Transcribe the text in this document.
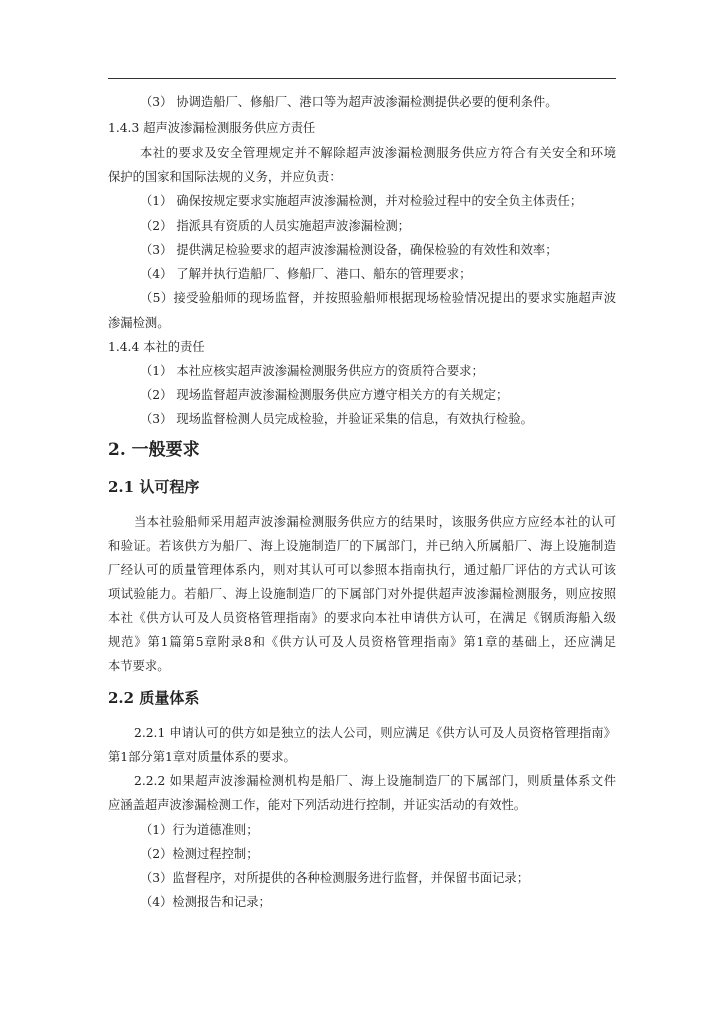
（3） 协调造船厂、修船厂、港口等为超声波渗漏检测提供必要的便利条件。
1.4.3 超声波渗漏检测服务供应方责任
本社的要求及安全管理规定并不解除超声波渗漏检测服务供应方符合有关安全和环境
保护的国家和国际法规的义务，并应负责：
（1） 确保按规定要求实施超声波渗漏检测，并对检验过程中的安全负主体责任；
（2） 指派具有资质的人员实施超声波渗漏检测；
（3） 提供满足检验要求的超声波渗漏检测设备，确保检验的有效性和效率；
（4） 了解并执行造船厂、修船厂、港口、船东的管理要求；
（5）接受验船师的现场监督，并按照验船师根据现场检验情况提出的要求实施超声波
渗漏检测。
1.4.4 本社的责任
（1） 本社应核实超声波渗漏检测服务供应方的资质符合要求；
（2） 现场监督超声波渗漏检测服务供应方遵守相关方的有关规定；
（3） 现场监督检测人员完成检验，并验证采集的信息，有效执行检验。
2. 一般要求
2.1 认可程序
当本社验船师采用超声波渗漏检测服务供应方的结果时，该服务供应方应经本社的认可
和验证。若该供方为船厂、海上设施制造厂的下属部门，并已纳入所属船厂、海上设施制造
厂经认可的质量管理体系内，则对其认可可以参照本指南执行，通过船厂评估的方式认可该
项试验能力。若船厂、海上设施制造厂的下属部门对外提供超声波渗漏检测服务，则应按照
本社《供方认可及人员资格管理指南》的要求向本社申请供方认可，在满足《钢质海船入级
规范》第1篇第5章附录8和《供方认可及人员资格管理指南》第1章的基础上，还应满足
本节要求。
2.2 质量体系
2.2.1 申请认可的供方如是独立的法人公司，则应满足《供方认可及人员资格管理指南》
第1部分第1章对质量体系的要求。
2.2.2 如果超声波渗漏检测机构是船厂、海上设施制造厂的下属部门，则质量体系文件
应涵盖超声波渗漏检测工作，能对下列活动进行控制，并证实活动的有效性。
（1）行为道德准则；
（2）检测过程控制；
（3）监督程序，对所提供的各种检测服务进行监督，并保留书面记录；
（4）检测报告和记录；
